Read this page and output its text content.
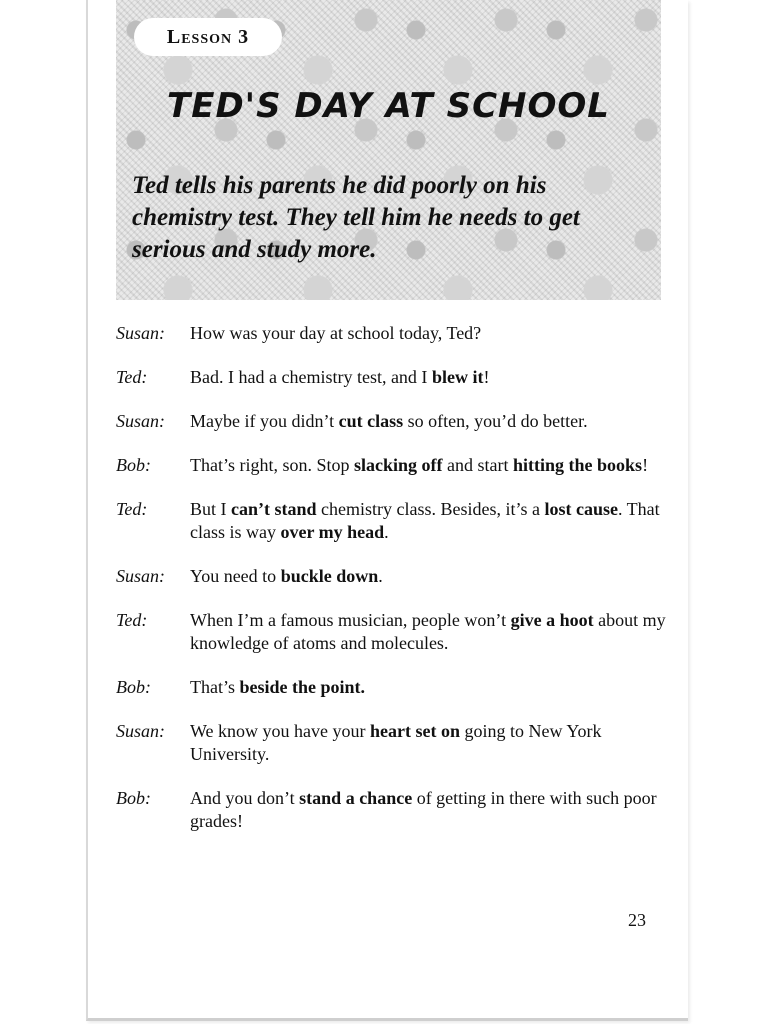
Lesson 3
TED'S DAY AT SCHOOL
Ted tells his parents he did poorly on his chemistry test. They tell him he needs to get serious and study more.
Susan:	How was your day at school today, Ted?
Ted:	Bad. I had a chemistry test, and I blew it!
Susan:	Maybe if you didn’t cut class so often, you’d do better.
Bob:	That’s right, son. Stop slacking off and start hitting the books!
Ted:	But I can’t stand chemistry class. Besides, it’s a lost cause. That class is way over my head.
Susan:	You need to buckle down.
Ted:	When I’m a famous musician, people won’t give a hoot about my knowledge of atoms and molecules.
Bob:	That’s beside the point.
Susan:	We know you have your heart set on going to New York University.
Bob:	And you don’t stand a chance of getting in there with such poor grades!
23
